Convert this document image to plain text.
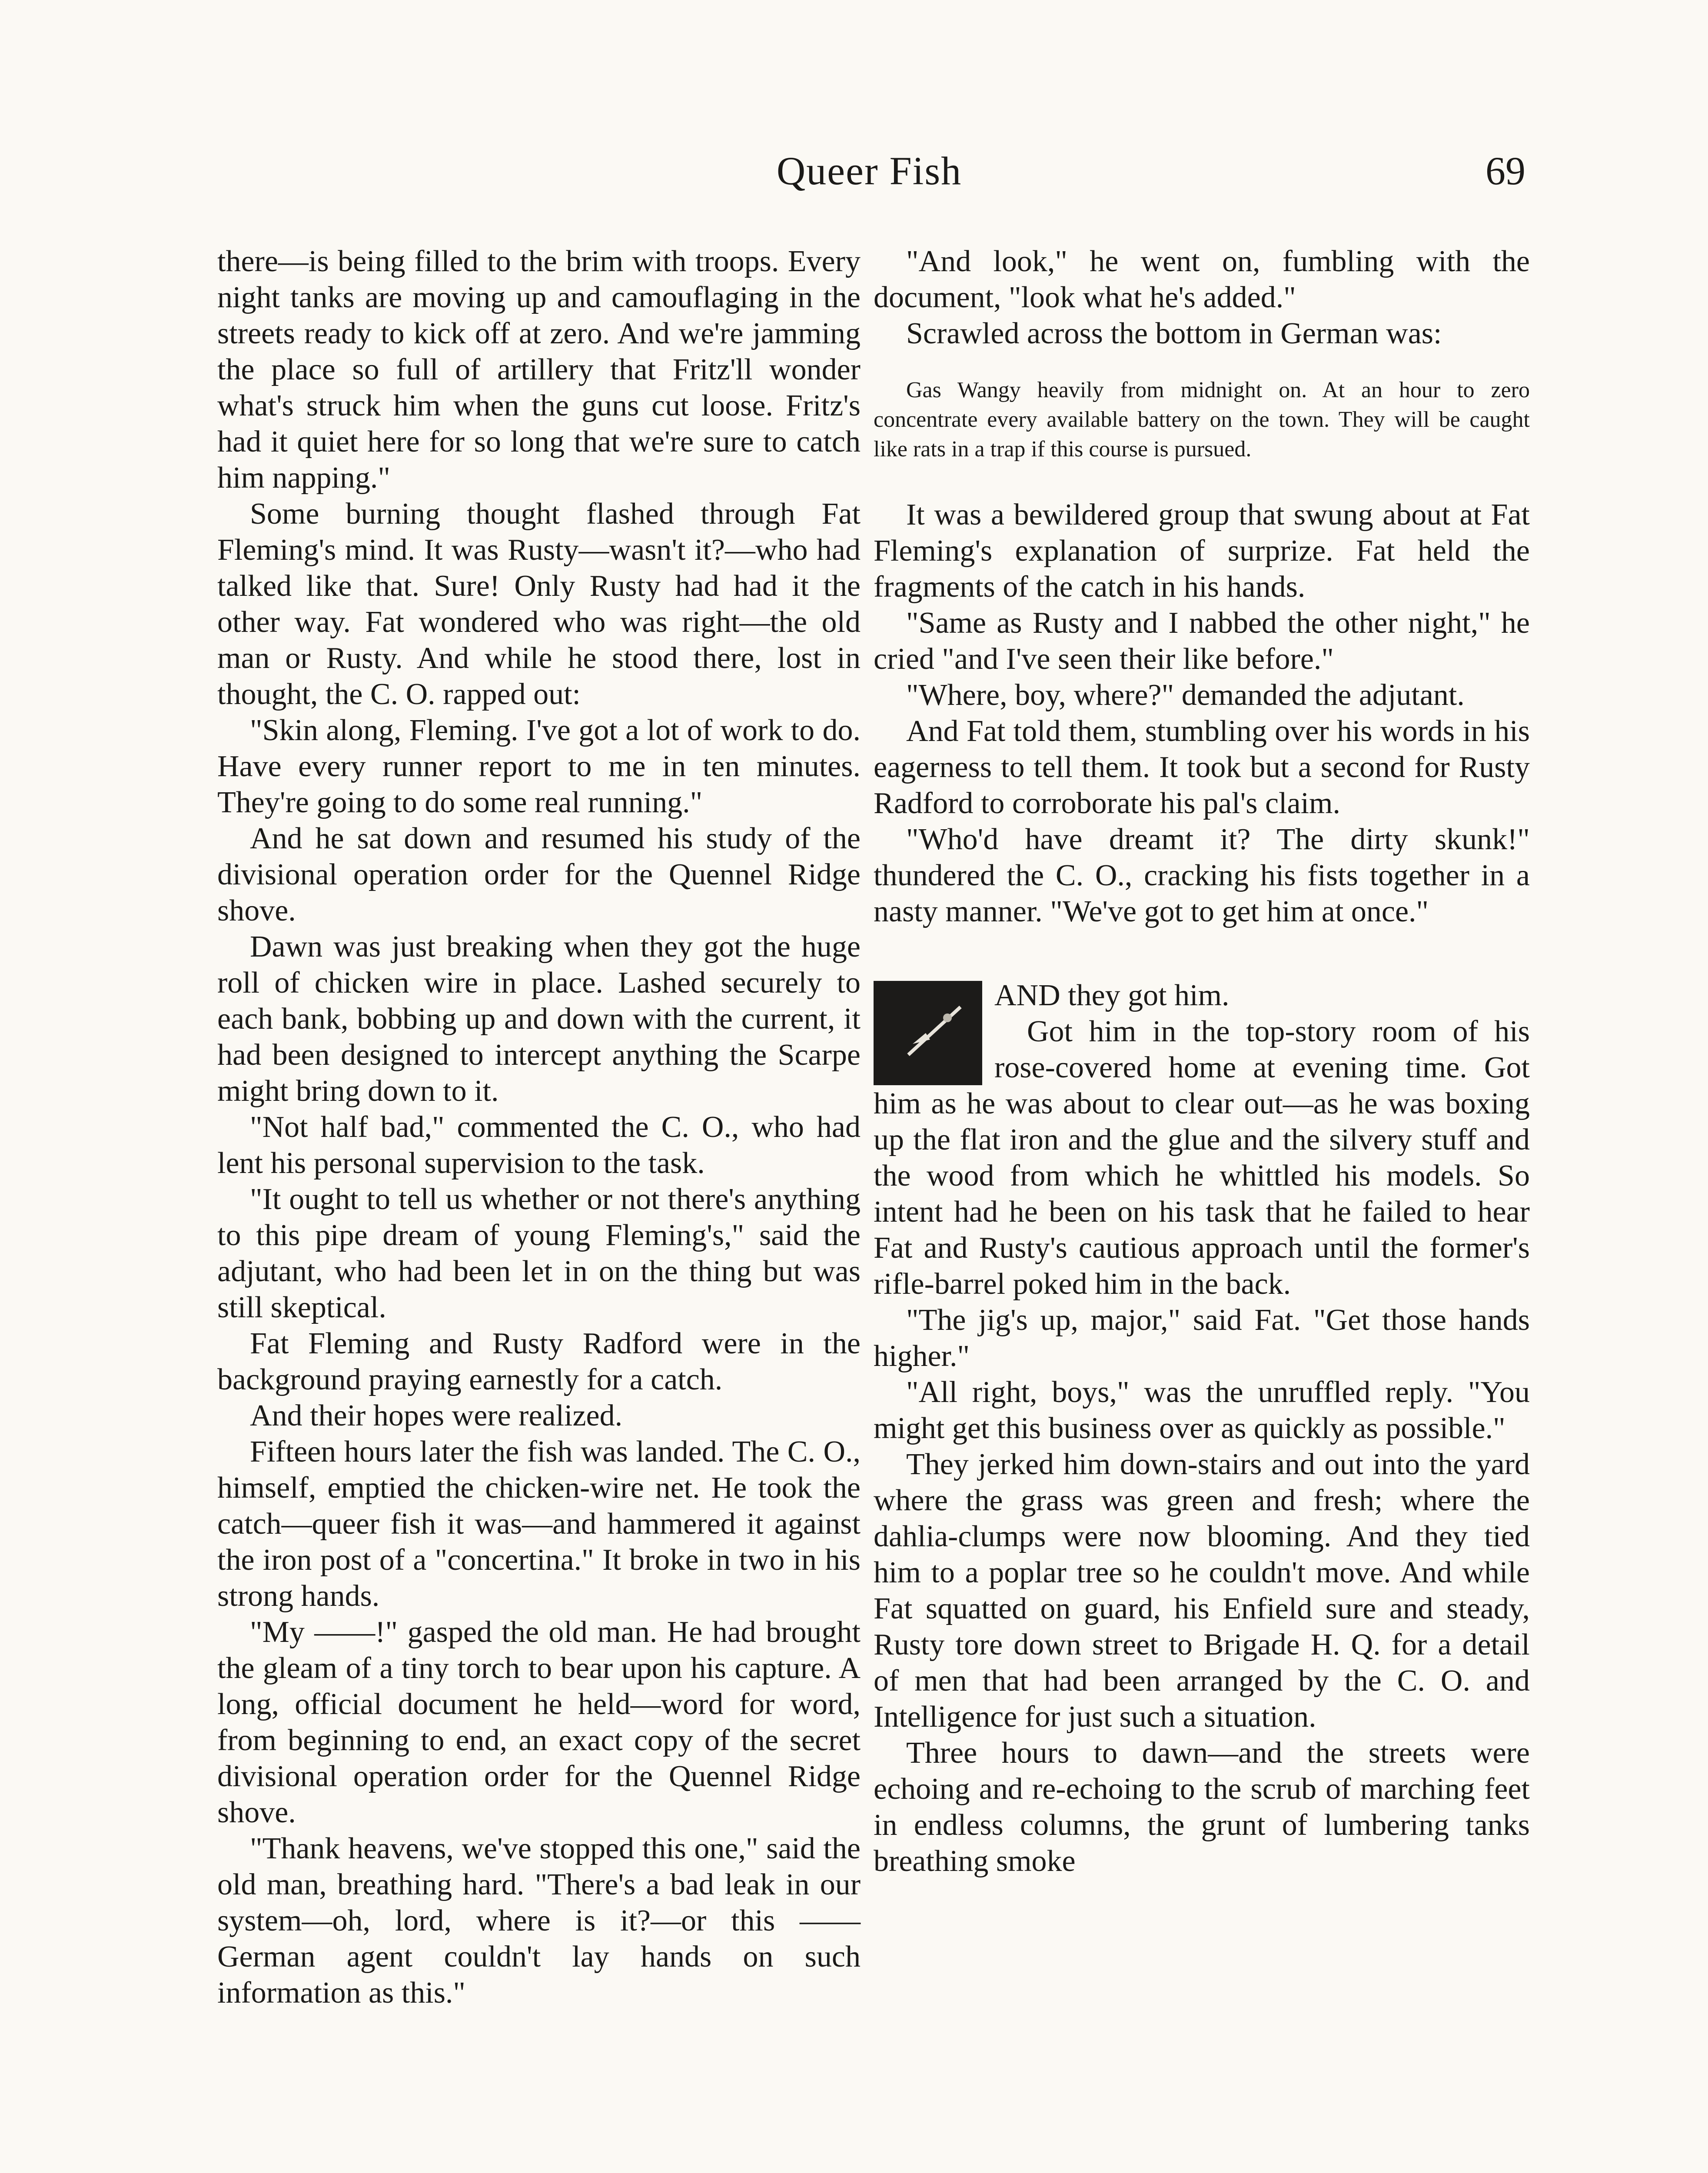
Queer Fish	69

there—is being filled to the brim with troops. Every night tanks are moving up and camouflaging in the streets ready to kick off at zero. And we're jamming the place so full of artillery that Fritz'll wonder what's struck him when the guns cut loose. Fritz's had it quiet here for so long that we're sure to catch him napping."

Some burning thought flashed through Fat Fleming's mind. It was Rusty—wasn't it?—who had talked like that. Sure! Only Rusty had had it the other way. Fat wondered who was right—the old man or Rusty. And while he stood there, lost in thought, the C. O. rapped out:

"Skin along, Fleming. I've got a lot of work to do. Have every runner report to me in ten minutes. They're going to do some real running."

And he sat down and resumed his study of the divisional operation order for the Quennel Ridge shove.

Dawn was just breaking when they got the huge roll of chicken wire in place. Lashed securely to each bank, bobbing up and down with the current, it had been designed to intercept anything the Scarpe might bring down to it.

"Not half bad," commented the C. O., who had lent his personal supervision to the task.

"It ought to tell us whether or not there's anything to this pipe dream of young Fleming's," said the adjutant, who had been let in on the thing but was still skeptical.

Fat Fleming and Rusty Radford were in the background praying earnestly for a catch.

And their hopes were realized.

Fifteen hours later the fish was landed. The C. O., himself, emptied the chicken-wire net. He took the catch—queer fish it was—and hammered it against the iron post of a "concertina." It broke in two in his strong hands.

"My ——!" gasped the old man. He had brought the gleam of a tiny torch to bear upon his capture. A long, official document he held—word for word, from beginning to end, an exact copy of the secret divisional operation order for the Quennel Ridge shove.

"Thank heavens, we've stopped this one," said the old man, breathing hard. "There's a bad leak in our system—oh, lord, where is it?—or this —— German agent couldn't lay hands on such information as this."

"And look," he went on, fumbling with the document, "look what he's added."

Scrawled across the bottom in German was:

Gas Wangy heavily from midnight on. At an hour to zero concentrate every available battery on the town. They will be caught like rats in a trap if this course is pursued.

It was a bewildered group that swung about at Fat Fleming's explanation of surprize. Fat held the fragments of the catch in his hands.

"Same as Rusty and I nabbed the other night," he cried "and I've seen their like before."

"Where, boy, where?" demanded the adjutant.

And Fat told them, stumbling over his words in his eagerness to tell them. It took but a second for Rusty Radford to corroborate his pal's claim.

"Who'd have dreamt it? The dirty skunk!" thundered the C. O., cracking his fists together in a nasty manner. "We've got to get him at once."

AND they got him.

Got him in the top-story room of his rose-covered home at evening time. Got him as he was about to clear out—as he was boxing up the flat iron and the glue and the silvery stuff and the wood from which he whittled his models. So intent had he been on his task that he failed to hear Fat and Rusty's cautious approach until the former's rifle-barrel poked him in the back.

"The jig's up, major," said Fat. "Get those hands higher."

"All right, boys," was the unruffled reply. "You might get this business over as quickly as possible."

They jerked him down-stairs and out into the yard where the grass was green and fresh; where the dahlia-clumps were now blooming. And they tied him to a poplar tree so he couldn't move. And while Fat squatted on guard, his Enfield sure and steady, Rusty tore down street to Brigade H. Q. for a detail of men that had been arranged by the C. O. and Intelligence for just such a situation.

Three hours to dawn—and the streets were echoing and re-echoing to the scrub of marching feet in endless columns, the grunt of lumbering tanks breathing smoke
